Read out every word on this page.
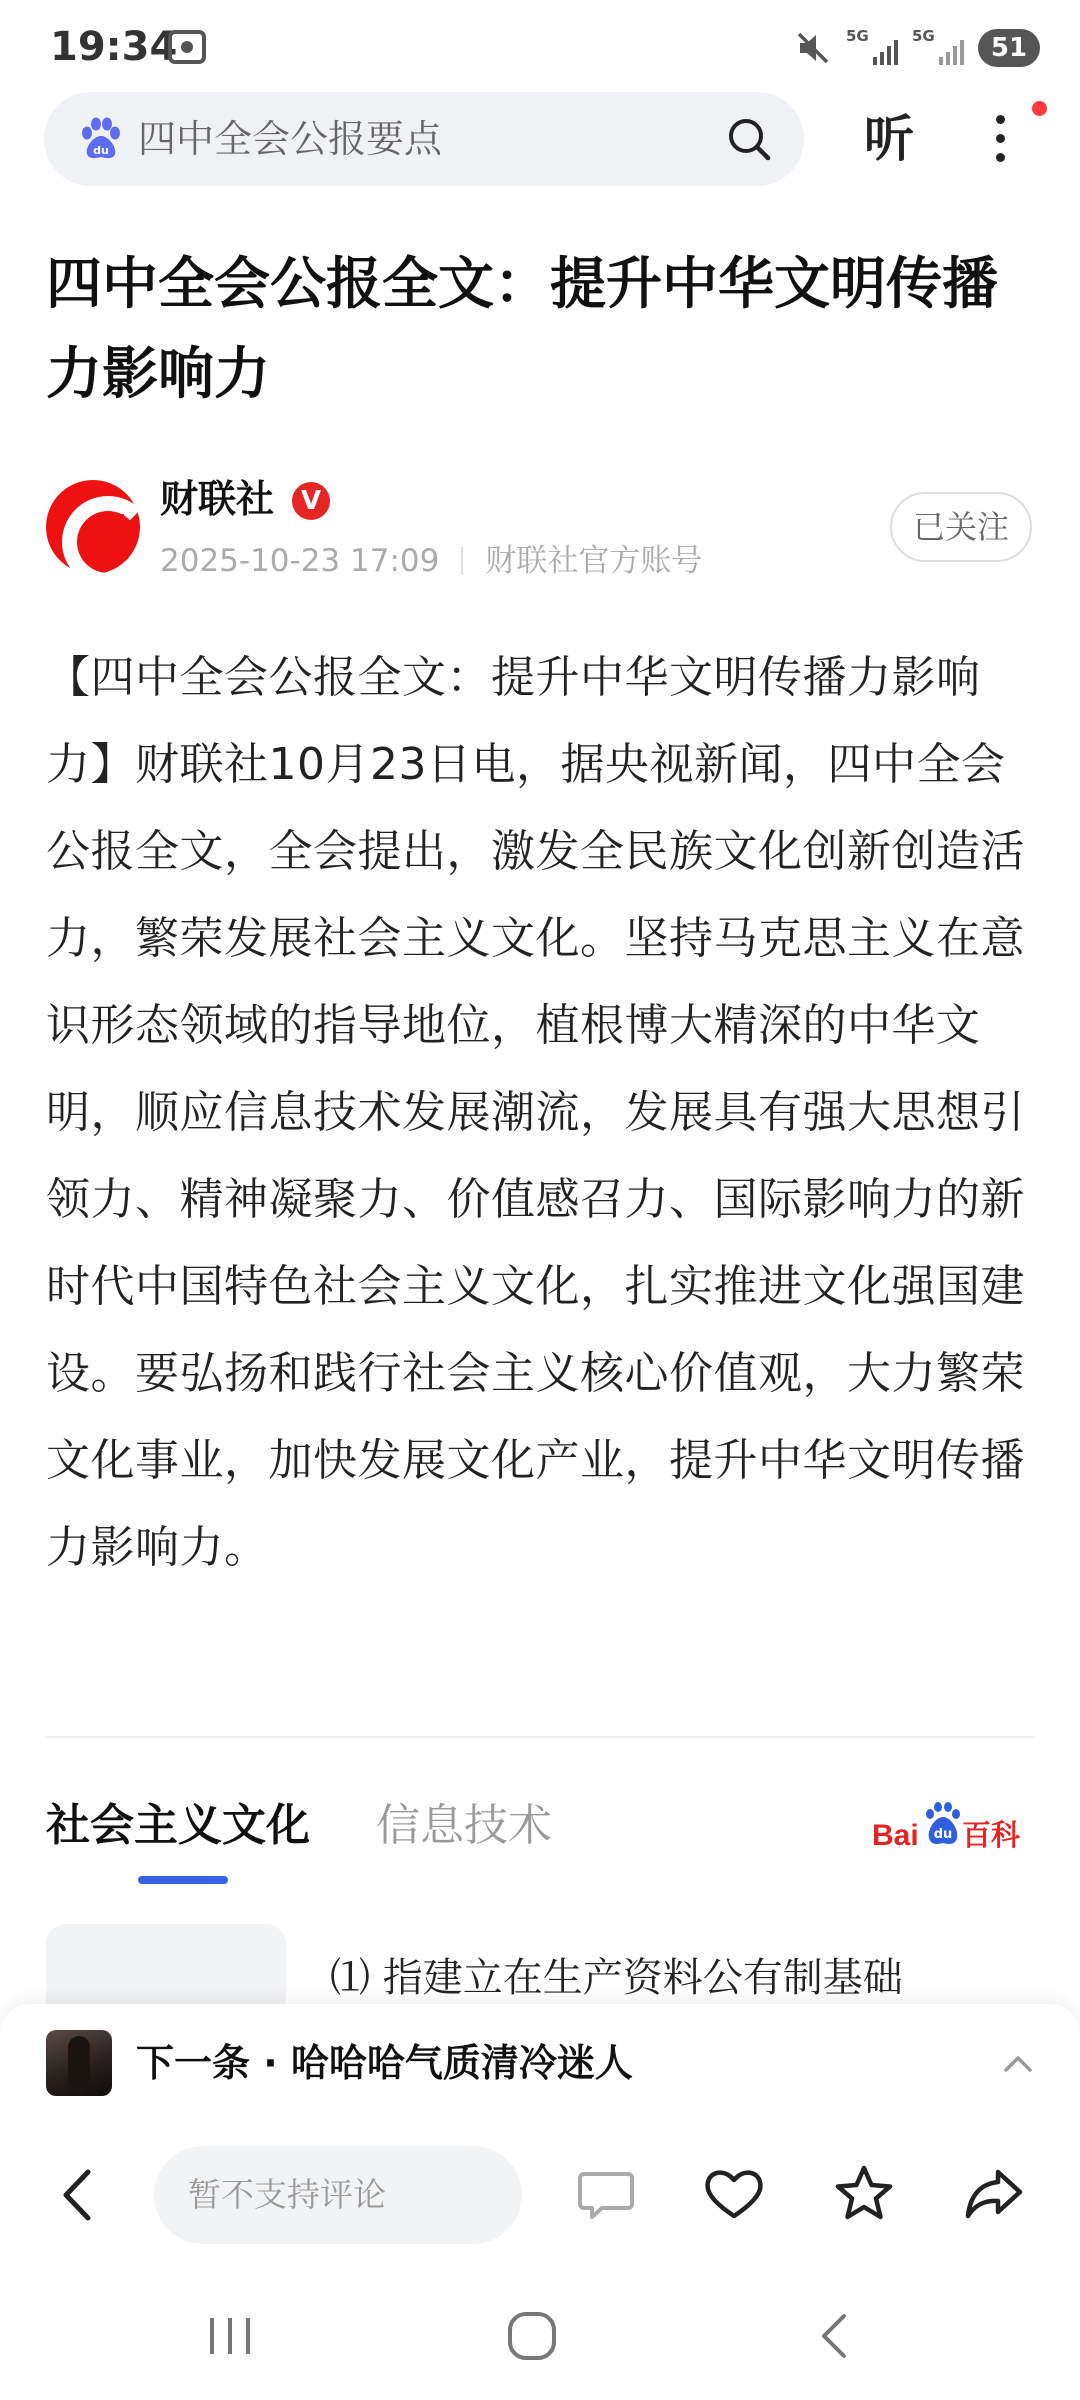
19:34	5G	5G	51
du 四中全会公报要点	听
四中全会公报全文：提升中华文明传播力影响力
财联社	V
2025-10-23 17:09 财联社官方账号
已关注
【四中全会公报全文：提升中华文明传播力影响力】财联社10月23日电，据央视新闻，四中全会公报全文，全会提出，激发全民族文化创新创造活力，繁荣发展社会主义文化。坚持马克思主义在意识形态领域的指导地位，植根博大精深的中华文明，顺应信息技术发展潮流，发展具有强大思想引领力、精神凝聚力、价值感召力、国际影响力的新时代中国特色社会主义文化，扎实推进文化强国建设。要弘扬和践行社会主义核心价值观，大力繁荣文化事业，加快发展文化产业，提升中华文明传播力影响力。
社会主义文化 信息技术	Bai du 百科
⑴ 指建立在生产资料公有制基础
下一条 · 哈哈哈气质清冷迷人
暂不支持评论
